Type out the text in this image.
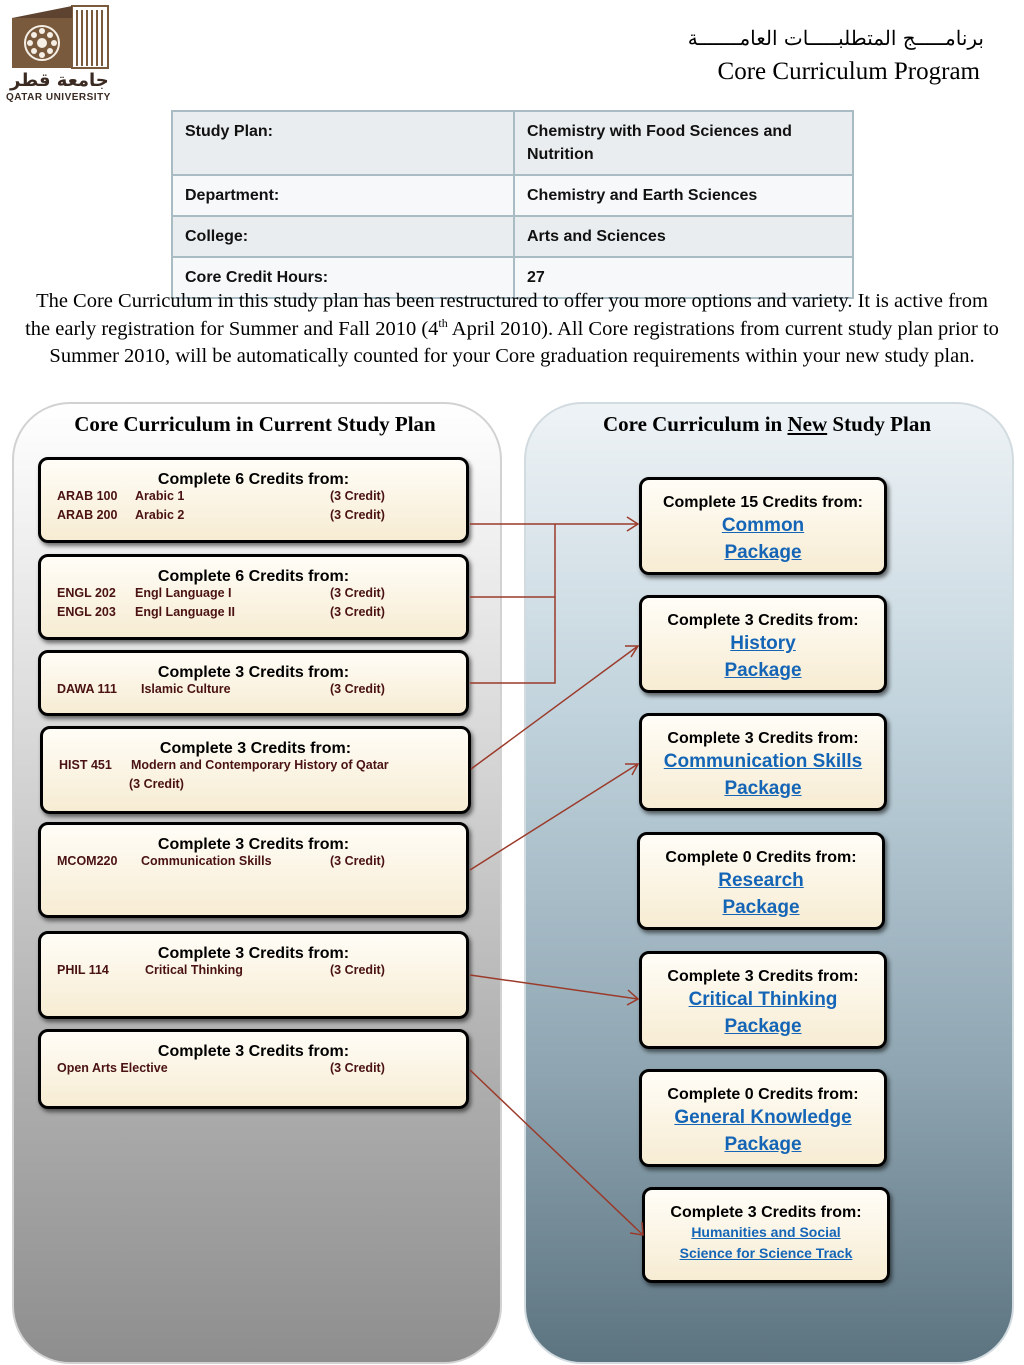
جامعة قطر
QATAR UNIVERSITY
برنامـــــج المتطلبـــــات العامـــــــة
Core Curriculum Program
Study Plan:	Chemistry with Food Sciences and Nutrition
Department:	Chemistry and Earth Sciences
College:	Arts and Sciences
Core Credit Hours:	27
The Core Curriculum in this study plan has been restructured to offer you more options and variety. It is active from the early registration for Summer and Fall 2010 (4th April 2010). All Core registrations from current study plan prior to Summer 2010, will be automatically counted for your Core graduation requirements within your new study plan.
Core Curriculum in Current Study Plan	Core Curriculum in New Study Plan
Complete 6 Credits from:
ARAB 100 Arabic 1	(3 Credit)
ARAB 200 Arabic 2	(3 Credit)
Complete 6 Credits from:
ENGL 202 Engl Language I	(3 Credit)
ENGL 203 Engl Language II	(3 Credit)
Complete 3 Credits from:
DAWA 111 Islamic Culture	(3 Credit)
Complete 3 Credits from:
HIST 451 Modern and Contemporary History of Qatar
(3 Credit)
Complete 3 Credits from:
MCOM220 Communication Skills	(3 Credit)
Complete 3 Credits from:
PHIL 114	Critical Thinking	(3 Credit)
Complete 3 Credits from:
Open Arts Elective	(3 Credit)
Complete 15 Credits from:
Common
Package
Complete 3 Credits from:
History
Package
Complete 3 Credits from:
Communication Skills
Package
Complete 0 Credits from:
Research
Package
Complete 3 Credits from:
Critical Thinking
Package
Complete 0 Credits from:
General Knowledge
Package
Complete 3 Credits from:
Humanities and Social
Science for Science Track
